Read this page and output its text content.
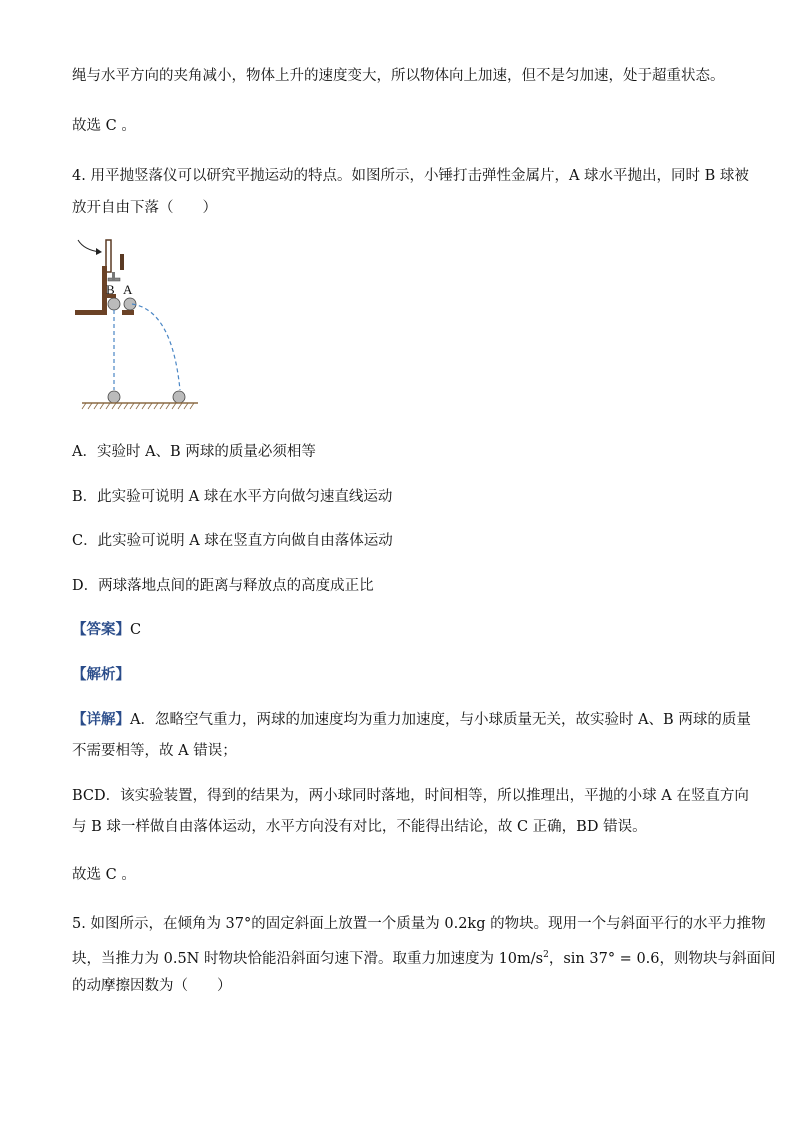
绳与水平方向的夹角减小，物体上升的速度变大，所以物体向上加速，但不是匀加速，处于超重状态。
故选 C 。
4. 用平抛竖落仪可以研究平抛运动的特点。如图所示，小锤打击弹性金属片，A 球水平抛出，同时 B 球被
放开自由下落（　　）
B A
A．实验时 A、B 两球的质量必须相等
B．此实验可说明 A 球在水平方向做匀速直线运动
C．此实验可说明 A 球在竖直方向做自由落体运动
D．两球落地点间的距离与释放点的高度成正比
【答案】C
【解析】
【详解】A．忽略空气重力，两球的加速度均为重力加速度，与小球质量无关，故实验时 A、B 两球的质量
不需要相等，故 A 错误；
BCD．该实验装置，得到的结果为，两小球同时落地，时间相等，所以推理出，平抛的小球 A 在竖直方向
与 B 球一样做自由落体运动，水平方向没有对比，不能得出结论，故 C 正确，BD 错误。
故选 C 。
5. 如图所示，在倾角为 37°的固定斜面上放置一个质量为 0.2kg 的物块。现用一个与斜面平行的水平力推物
块，当推力为 0.5N 时物块恰能沿斜面匀速下滑。取重力加速度为 $10m/s^2$，sin 37° = 0.6，则物块与斜面间
的动摩擦因数为（　　）
